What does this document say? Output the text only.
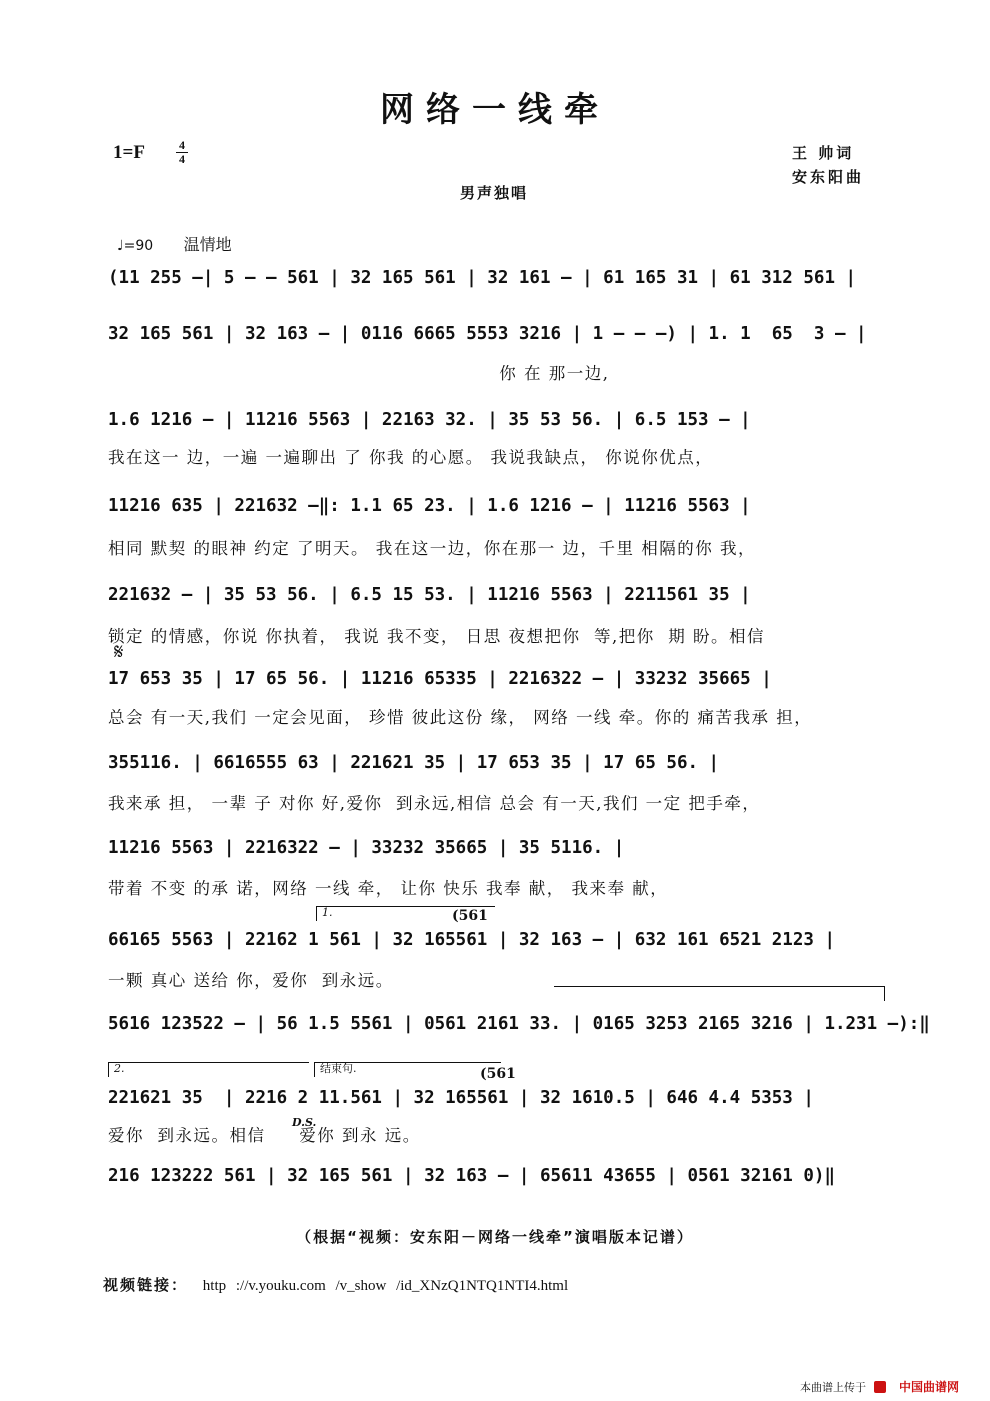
网络一线牵
1=F	4
4	王 帅词
安东阳曲
男声独唱
♩=90 温情地
(11 255 –| 5 – – 561 | 32 165 561 | 32 161 – | 61 165 31 | 61 312 561 |
32 165 561 | 32 163 – | 0116 6665 5553 3216 | 1 – – –) | 1. 1  65  3 – |
你 在 那一边,
1.6 1216 – | 11216 5563 | 22163 32. | 35 53 56. | 6.5 153 – |
我在这一 边，一遍 一遍聊出 了 你我 的心愿。 我说我缺点， 你说你优点，
11216 635 | 221632 –‖: 1.1 65 23. | 1.6 1216 – | 11216 5563 |
相同 默契 的眼神 约定 了明天。 我在这一边，你在那一 边，千里 相隔的你 我，
221632 – | 35 53 56. | 6.5 15 53. | 11216 5563 | 2211561 35 |
锁定 的情感，你说 你执着， 我说 我不变， 日思 夜想把你  等,把你  期 盼。相信
𝄋
17 653 35 | 17 65 56. | 11216 65335 | 2216322 – | 33232 35665 |
总会 有一天,我们 一定会见面， 珍惜 彼此这份 缘， 网络 一线 牵。你的 痛苦我承 担，
355116. | 6616555 63 | 221621 35 | 17 653 35 | 17 65 56. |
我来承 担， 一辈 子 对你 好,爱你  到永远,相信 总会 有一天,我们 一定 把手牵，
11216 5563 | 2216322 – | 33232 35665 | 35 5116. |
带着 不变 的承 诺，网络 一线 牵， 让你 快乐 我奉 献， 我来奉 献，
1.	(561
66165 5563 | 22162 1 561 | 32 165561 | 32 163 – | 632 161 6521 2123 |
一颗 真心 送给 你，爱你  到永远。
5616 123522 – | 56 1.5 5561 | 0561 2161 33. | 0165 3253 2165 3216 | 1.231 –):‖
2.	结束句.	(561
221621 35  | 2216 2 11.561 | 32 165561 | 32 1610.5 | 646 4.4 5353 |
爱你  到永远。相信     爱你 到永 远。
D.S.
216 123222 561 | 32 165 561 | 32 163 – | 65611 43655 | 0561 32161 0)‖
（根据“视频：安东阳－网络一线牵”演唱版本记谱）
视频链接： http ://v.youku.com /v_show /id_XNzQ1NTQ1NTI4.html
本曲谱上传于	中国曲谱网
